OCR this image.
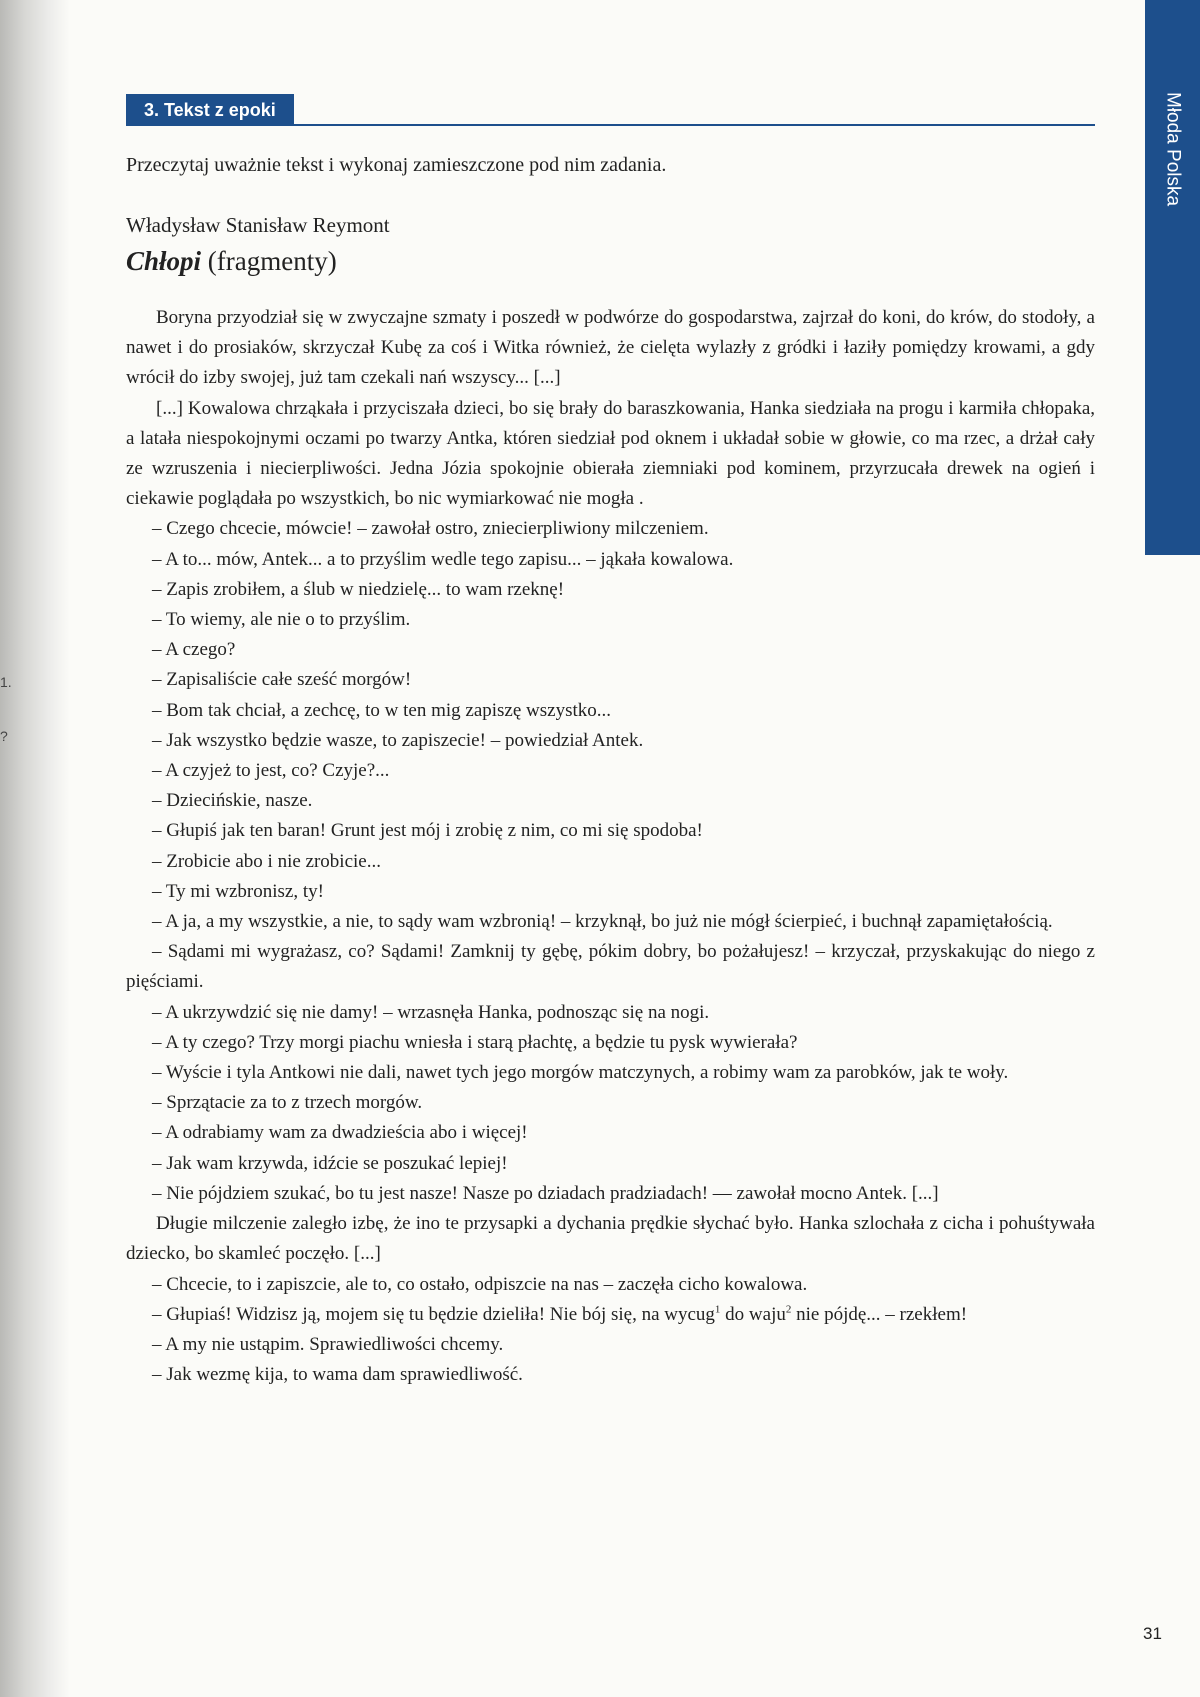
1.
?
Młoda Polska
3. Tekst z epoki
Przeczytaj uważnie tekst i wykonaj zamieszczone pod nim zadania.
Władysław Stanisław Reymont
Chłopi (fragmenty)

Boryna przyodział się w zwyczajne szmaty i poszedł w podwórze do gospodarstwa, zajrzał do koni, do krów, do stodoły, a nawet i do prosiaków, skrzyczał Kubę za coś i Witka również, że cielęta wylazły z gródki i łaziły pomiędzy krowami, a gdy wrócił do izby swojej, już tam czekali nań wszyscy... [...]

[...] Kowalowa chrząkała i przyciszała dzieci, bo się brały do baraszkowania, Hanka siedziała na progu i karmiła chłopaka, a latała niespokojnymi oczami po twarzy Antka, któren siedział pod oknem i układał sobie w głowie, co ma rzec, a drżał cały ze wzruszenia i niecierpliwości. Jedna Józia spokojnie obierała ziemniaki pod kominem, przyrzucała drewek na ogień i ciekawie poglądała po wszystkich, bo nic wymiarkować nie mogła .

– Czego chcecie, mówcie! – zawołał ostro, zniecierpliwiony milczeniem.

– A to... mów, Antek... a to przyślim wedle tego zapisu... – jąkała kowalowa.

– Zapis zrobiłem, a ślub w niedzielę... to wam rzeknę!

– To wiemy, ale nie o to przyślim.

– A czego?

– Zapisaliście całe sześć morgów!

– Bom tak chciał, a zechcę, to w ten mig zapiszę wszystko...

– Jak wszystko będzie wasze, to zapiszecie! – powiedział Antek.

– A czyjeż to jest, co? Czyje?...

– Dziecińskie, nasze.

– Głupiś jak ten baran! Grunt jest mój i zrobię z nim, co mi się spodoba!

– Zrobicie abo i nie zrobicie...

– Ty mi wzbronisz, ty!

– A ja, a my wszystkie, a nie, to sądy wam wzbronią! – krzyknął, bo już nie mógł ścierpieć, i buchnął zapamiętałością.

– Sądami mi wygrażasz, co? Sądami! Zamknij ty gębę, pókim dobry, bo pożałujesz! – krzyczał, przyskakując do niego z pięściami.

– A ukrzywdzić się nie damy! – wrzasnęła Hanka, podnosząc się na nogi.

– A ty czego? Trzy morgi piachu wniesła i starą płachtę, a będzie tu pysk wywierała?

– Wyście i tyla Antkowi nie dali, nawet tych jego morgów matczynych, a robimy wam za parobków, jak te woły.

– Sprzątacie za to z trzech morgów.

– A odrabiamy wam za dwadzieścia abo i więcej!

– Jak wam krzywda, idźcie se poszukać lepiej!

– Nie pójdziem szukać, bo tu jest nasze! Nasze po dziadach pradziadach! — zawołał mocno Antek. [...]

Długie milczenie zaległo izbę, że ino te przysapki a dychania prędkie słychać było. Hanka szlochała z cicha i pohuśtywała dziecko, bo skamleć poczęło. [...]

– Chcecie, to i zapiszcie, ale to, co ostało, odpiszcie na nas – zaczęła cicho kowalowa.

– Głupiaś! Widzisz ją, mojem się tu będzie dzieliła! Nie bój się, na wycug$^1$ do waju$^2$ nie pójdę... – rzekłem!

– A my nie ustąpim. Sprawiedliwości chcemy.

– Jak wezmę kija, to wama dam sprawiedliwość.

31
